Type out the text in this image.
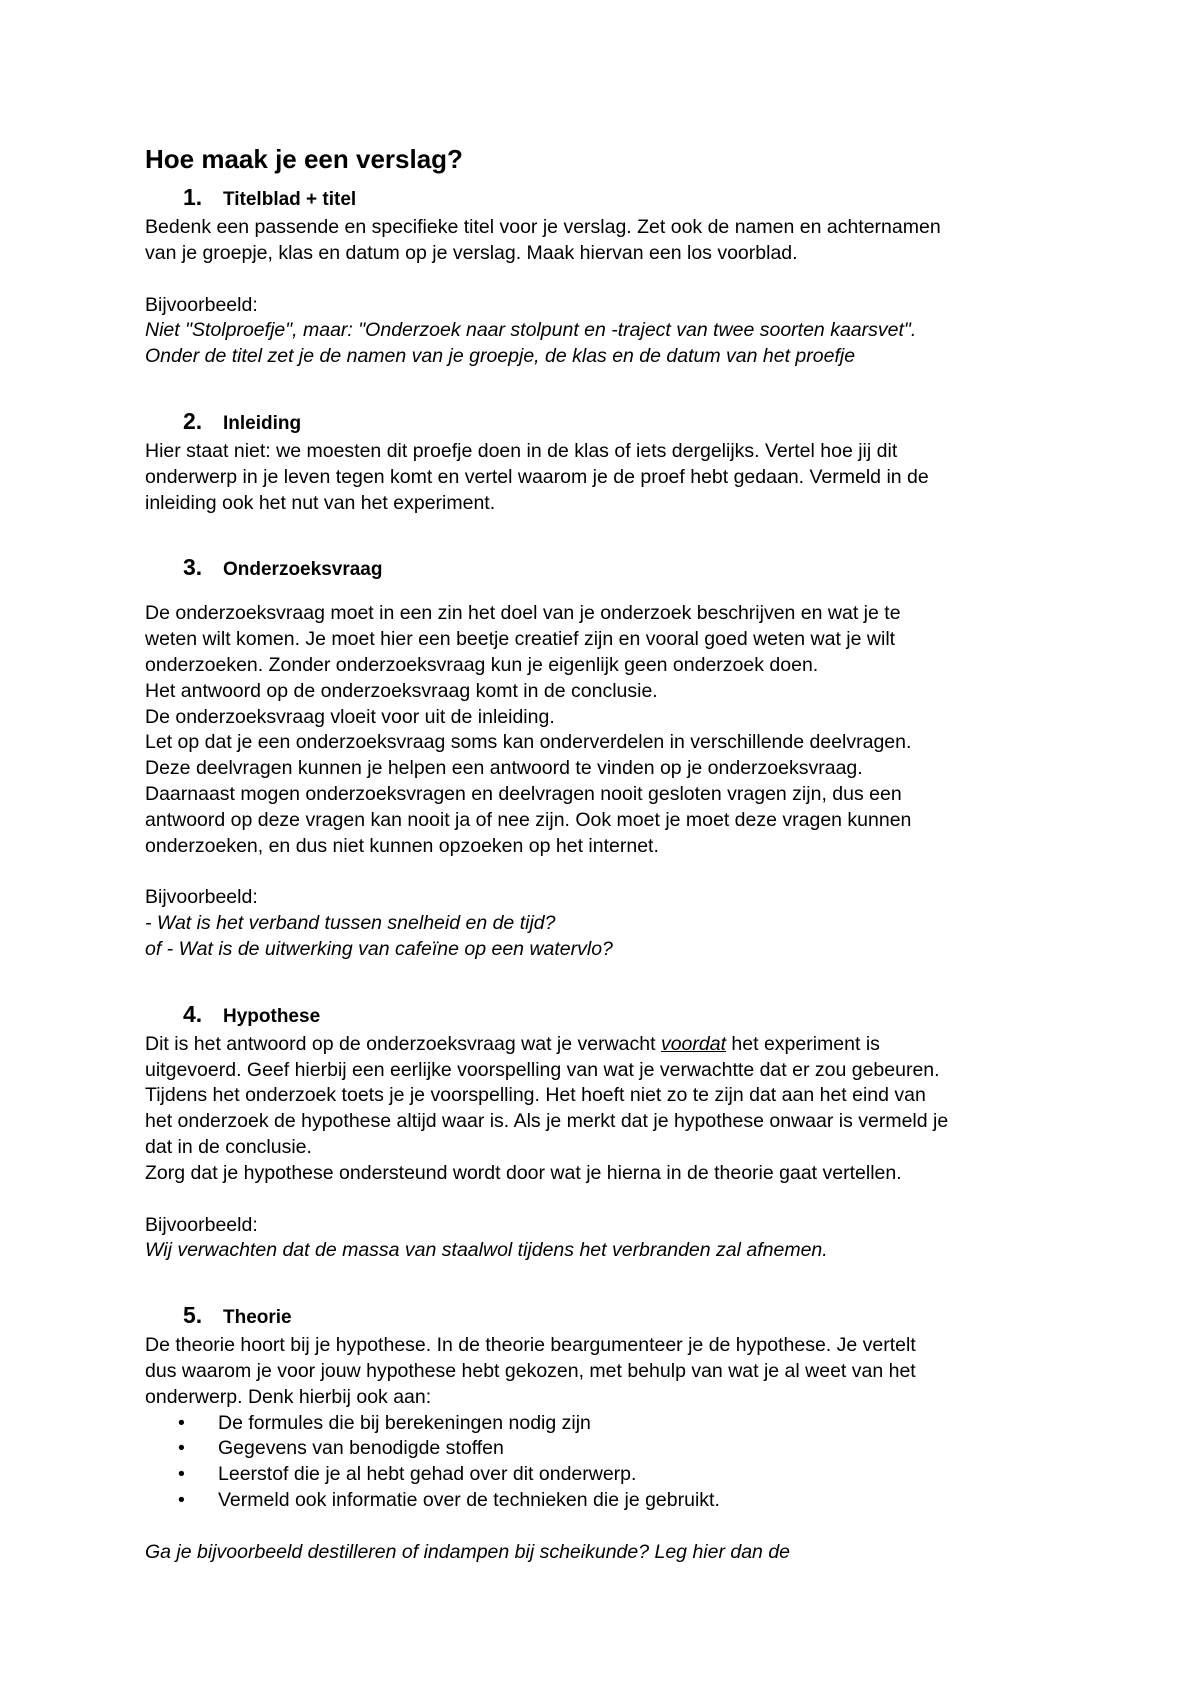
Hoe maak je een verslag?
1.	Titelblad + titel

Bedenk een passende en specifieke titel voor je verslag. Zet ook de namen en achternamen

van je groepje, klas en datum op je verslag. Maak hiervan een los voorblad.

Bijvoorbeeld:

Niet "Stolproefje", maar: "Onderzoek naar stolpunt en -traject van twee soorten kaarsvet".

Onder de titel zet je de namen van je groepje, de klas en de datum van het proefje

2.	Inleiding

Hier staat niet: we moesten dit proefje doen in de klas of iets dergelijks. Vertel hoe jij dit

onderwerp in je leven tegen komt en vertel waarom je de proef hebt gedaan. Vermeld in de

inleiding ook het nut van het experiment.

3.	Onderzoeksvraag

De onderzoeksvraag moet in een zin het doel van je onderzoek beschrijven en wat je te

weten wilt komen. Je moet hier een beetje creatief zijn en vooral goed weten wat je wilt

onderzoeken. Zonder onderzoeksvraag kun je eigenlijk geen onderzoek doen.

Het antwoord op de onderzoeksvraag komt in de conclusie.

De onderzoeksvraag vloeit voor uit de inleiding.

Let op dat je een onderzoeksvraag soms kan onderverdelen in verschillende deelvragen.

Deze deelvragen kunnen je helpen een antwoord te vinden op je onderzoeksvraag.

Daarnaast mogen onderzoeksvragen en deelvragen nooit gesloten vragen zijn, dus een

antwoord op deze vragen kan nooit ja of nee zijn. Ook moet je moet deze vragen kunnen

onderzoeken, en dus niet kunnen opzoeken op het internet.

Bijvoorbeeld:

- Wat is het verband tussen snelheid en de tijd?

of - Wat is de uitwerking van cafeïne op een watervlo?

4.	Hypothese

Dit is het antwoord op de onderzoeksvraag wat je verwacht voordat het experiment is

uitgevoerd. Geef hierbij een eerlijke voorspelling van wat je verwachtte dat er zou gebeuren.

Tijdens het onderzoek toets je je voorspelling. Het hoeft niet zo te zijn dat aan het eind van

het onderzoek de hypothese altijd waar is. Als je merkt dat je hypothese onwaar is vermeld je

dat in de conclusie.

Zorg dat je hypothese ondersteund wordt door wat je hierna in de theorie gaat vertellen.

Bijvoorbeeld:

Wij verwachten dat de massa van staalwol tijdens het verbranden zal afnemen.

5.	Theorie

De theorie hoort bij je hypothese. In de theorie beargumenteer je de hypothese. Je vertelt

dus waarom je voor jouw hypothese hebt gekozen, met behulp van wat je al weet van het

onderwerp. Denk hierbij ook aan:

•	De formules die bij berekeningen nodig zijn
•	Gegevens van benodigde stoffen
•	Leerstof die je al hebt gehad over dit onderwerp.
•	Vermeld ook informatie over de technieken die je gebruikt.

Ga je bijvoorbeeld destilleren of indampen bij scheikunde? Leg hier dan de
